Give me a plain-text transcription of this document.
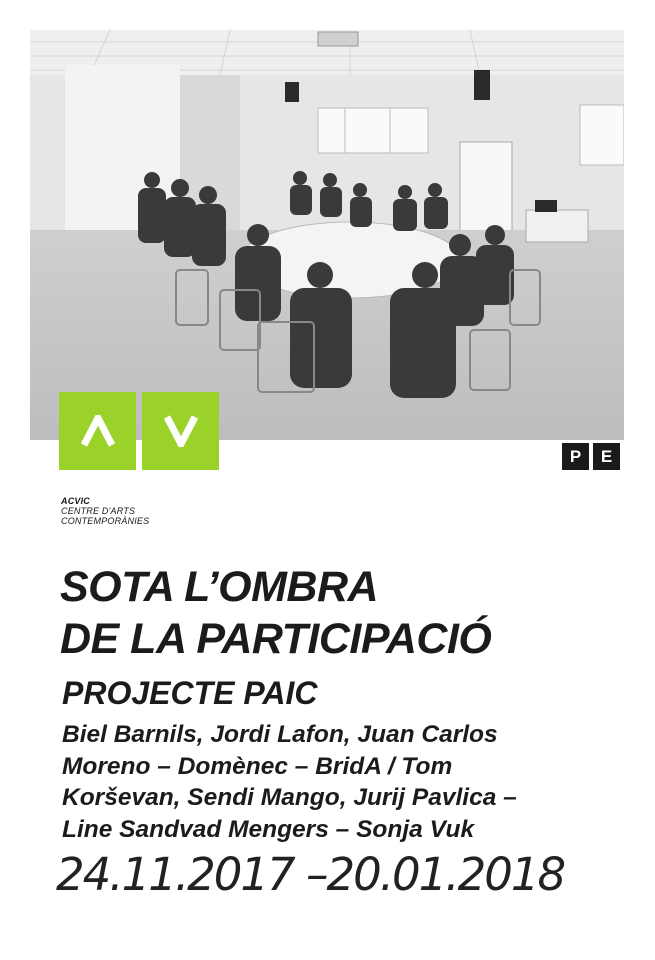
P	E
ACVIC
CENTRE D'ARTS
CONTEMPORÀNIES
SOTA L’OMBRA
DE LA PARTICIPACIÓ
PROJECTE PAIC
Biel Barnils, Jordi Lafon, Juan Carlos
Moreno – Domènec – BridA / Tom
Korševan, Sendi Mango, Jurij Pavlica –
Line Sandvad Mengers – Sonja Vuk
24.11.2017 –20.01.2018
